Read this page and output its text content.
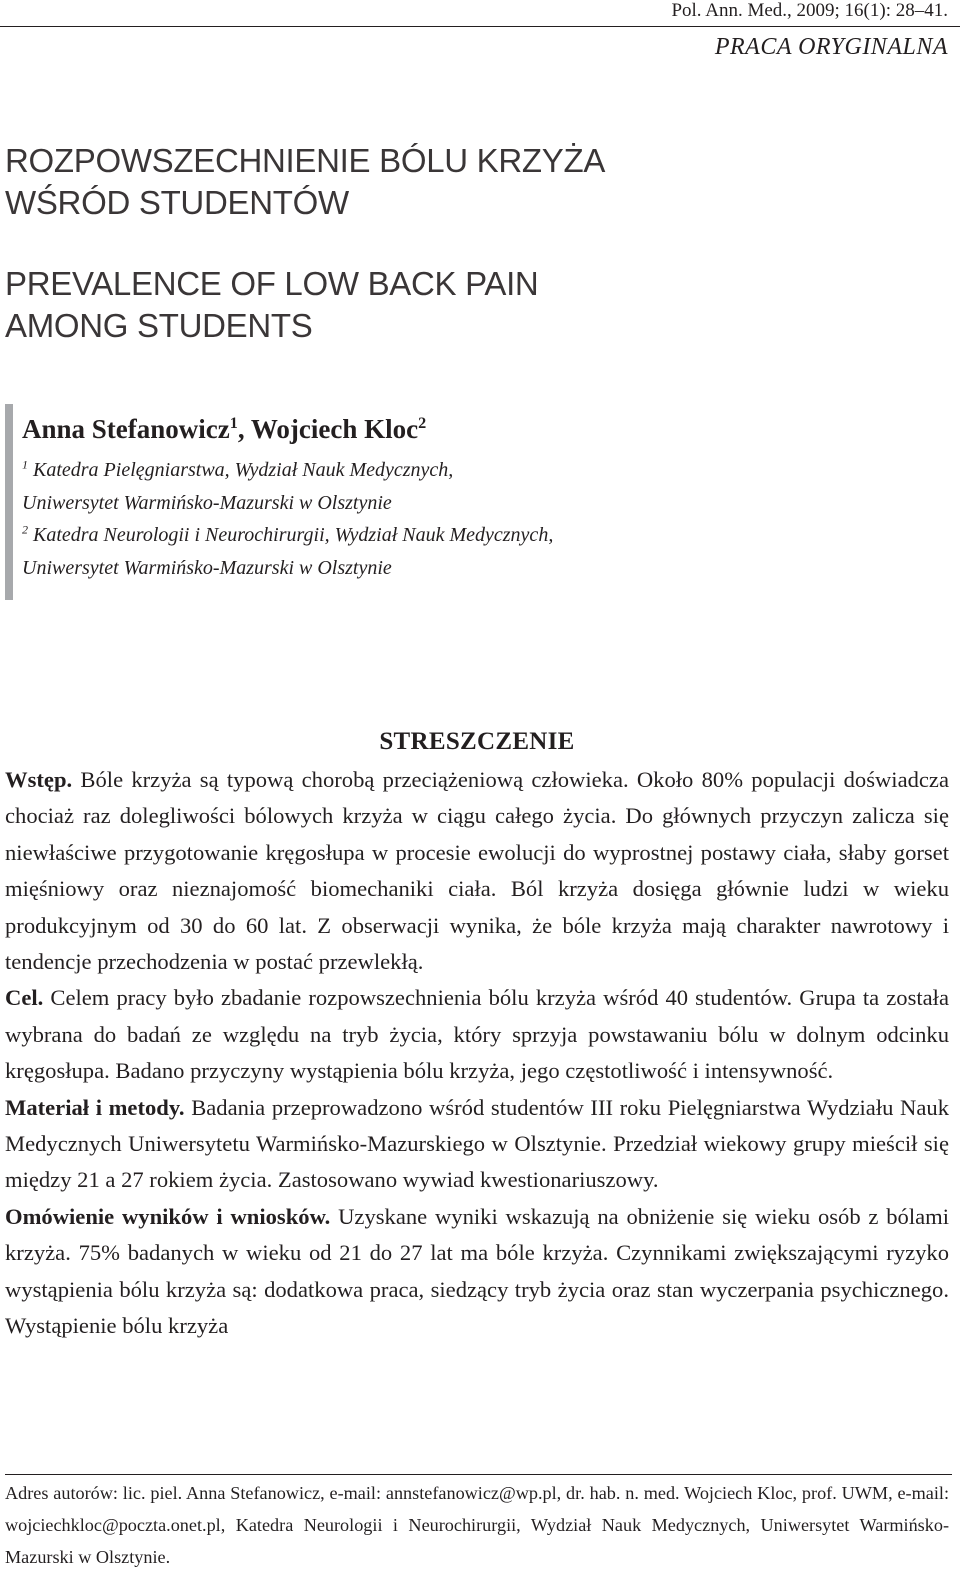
Pol. Ann. Med., 2009; 16(1): 28–41.
PRACA ORYGINALNA
ROZPOWSZECHNIENIE BÓLU KRZYŻA
WŚRÓD STUDENTÓW
PREVALENCE OF LOW BACK PAIN
AMONG STUDENTS

Anna Stefanowicz$^1$, Wojciech Kloc$^2$

$^1$ Katedra Pielęgniarstwa, Wydział Nauk Medycznych,

Uniwersytet Warmińsko-Mazurski w Olsztynie

$^2$ Katedra Neurologii i Neurochirurgii, Wydział Nauk Medycznych,

Uniwersytet Warmińsko-Mazurski w Olsztynie

STRESZCZENIE

Wstęp. Bóle krzyża są typową chorobą przeciążeniową człowieka. Około 80% populacji doświadcza chociaż raz dolegliwości bólowych krzyża w ciągu całego życia. Do głównych przyczyn zalicza się niewłaściwe przygotowanie kręgosłupa w procesie ewolucji do wyprostnej postawy ciała, słaby gorset mięśniowy oraz nieznajomość biomechaniki ciała. Ból krzyża dosięga głównie ludzi w wieku produkcyjnym od 30 do 60 lat. Z obserwacji wynika, że bóle krzyża mają charakter nawrotowy i tendencje przechodzenia w postać przewlekłą.

Cel. Celem pracy było zbadanie rozpowszechnienia bólu krzyża wśród 40 studentów. Grupa ta została wybrana do badań ze względu na tryb życia, który sprzyja powstawaniu bólu w dolnym odcinku kręgosłupa. Badano przyczyny wystąpienia bólu krzyża, jego częstotliwość i intensywność.

Materiał i metody. Badania przeprowadzono wśród studentów III roku Pielęgniarstwa Wydziału Nauk Medycznych Uniwersytetu Warmińsko-Mazurskiego w Olsztynie. Przedział wiekowy grupy mieścił się między 21 a 27 rokiem życia. Zastosowano wywiad kwestionariuszowy.

Omówienie wyników i wniosków. Uzyskane wyniki wskazują na obniżenie się wieku osób z bólami krzyża. 75% badanych w wieku od 21 do 27 lat ma bóle krzyża. Czynnikami zwiększającymi ryzyko wystąpienia bólu krzyża są: dodatkowa praca, siedzący tryb życia oraz stan wyczerpania psychicznego. Wystąpienie bólu krzyża

Adres autorów: lic. piel. Anna Stefanowicz, e-mail: annstefanowicz@wp.pl, dr. hab. n. med. Wojciech Kloc, prof. UWM, e-mail: wojciechkloc@poczta.onet.pl, Katedra Neurologii i Neurochirurgii, Wydział Nauk Medycznych, Uniwersytet Warmińsko-Mazurski w Olsztynie.
